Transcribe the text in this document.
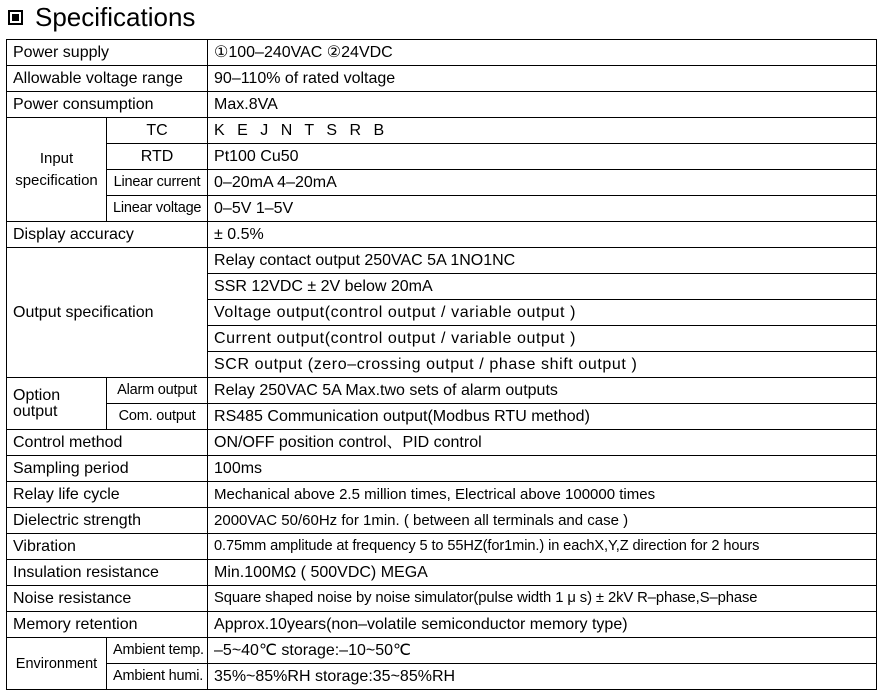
Specifications
Power supply		①100–240VAC ②24VDC
Allowable voltage range		90–110% of rated voltage
Power consumption		Max.8VA
Input specification	TC	K E J N T S R B
	RTD	Pt100 Cu50
	Linear current	0–20mA 4–20mA
	Linear voltage	0–5V 1–5V
Display accuracy		± 0.5%
Output specification		Relay contact output 250VAC 5A 1NO1NC
		SSR 12VDC ± 2V below 20mA
		Voltage output(control output / variable output )
		Current output(control output / variable output )
		SCR output (zero–crossing output / phase shift output )
Option output	Alarm output	Relay 250VAC 5A Max.two sets of alarm outputs
	Com. output	RS485 Communication output(Modbus RTU method)
Control method		ON/OFF position control、PID control
Sampling period		100ms
Relay life cycle		Mechanical above 2.5 million times, Electrical above 100000 times
Dielectric strength		2000VAC 50/60Hz for 1min. ( between all terminals and case )
Vibration		0.75mm amplitude at frequency 5 to 55HZ(for1min.) in eachX,Y,Z direction for 2 hours
Insulation resistance		Min.100MΩ ( 500VDC) MEGA
Noise resistance		Square shaped noise by noise simulator(pulse width 1 μ s) ± 2kV R–phase,S–phase
Memory retention		Approx.10years(non–volatile semiconductor memory type)
Environment	Ambient temp.	–5~40℃ storage:–10~50℃
	Ambient humi.	35%~85%RH storage:35~85%RH
